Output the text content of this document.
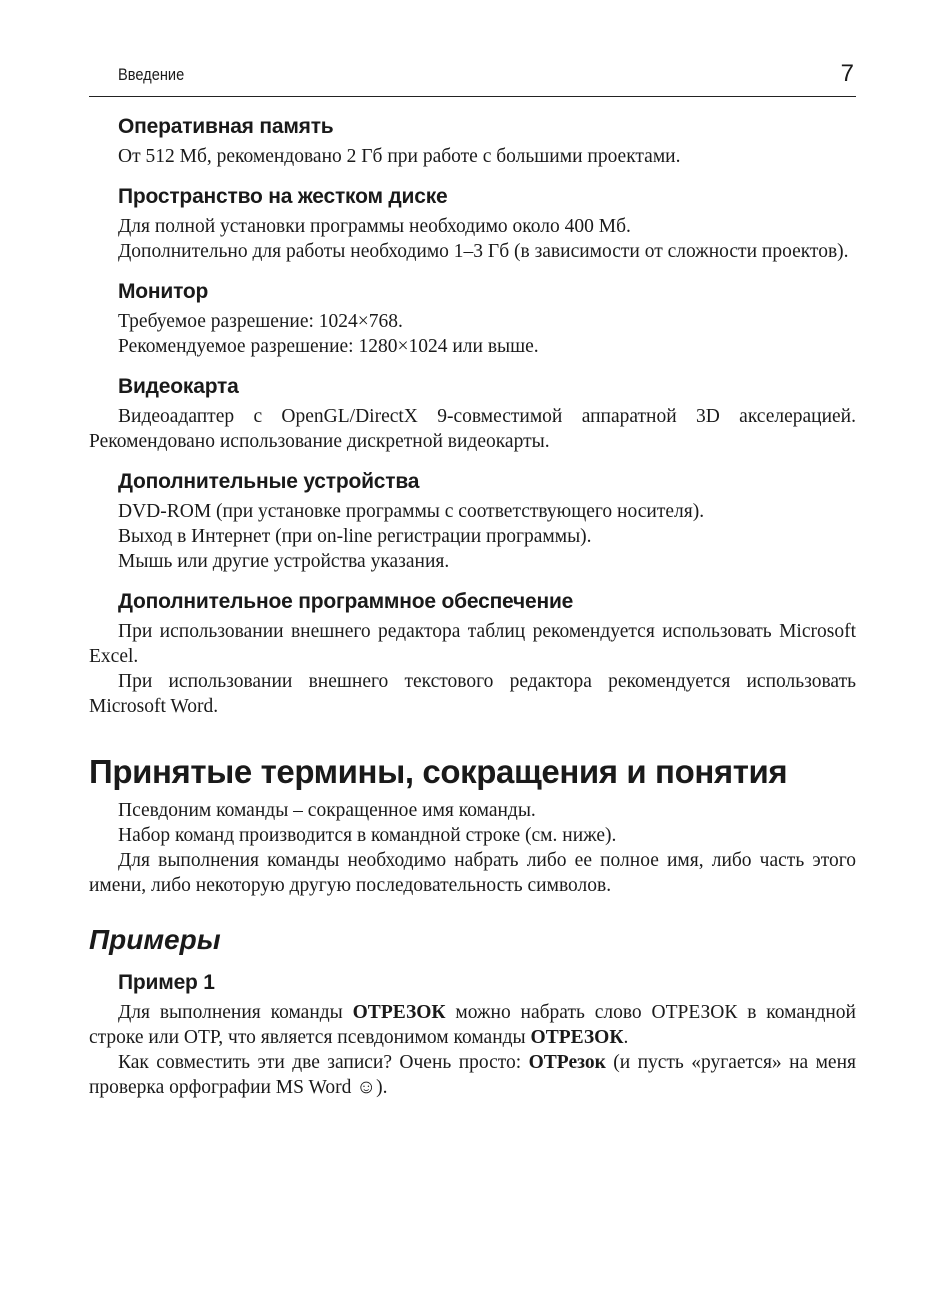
Введение	7
Оперативная память

От 512 Мб, рекомендовано 2 Гб при работе с большими проектами.

Пространство на жестком диске

Для полной установки программы необходимо около 400 Мб.

Дополнительно для работы необходимо 1–3 Гб (в зависимости от сложности проектов).

Монитор

Требуемое разрешение: 1024×768.

Рекомендуемое разрешение: 1280×1024 или выше.

Видеокарта

Видеоадаптер с OpenGL/DirectX 9-совместимой аппаратной 3D акселерацией. Рекомендовано использование дискретной видеокарты.

Дополнительные устройства

DVD-ROM (при установке программы с соответствующего носителя).

Выход в Интернет (при on-line регистрации программы).

Мышь или другие устройства указания.

Дополнительное программное обеспечение

При использовании внешнего редактора таблиц рекомендуется использовать Microsoft Excel.

При использовании внешнего текстового редактора рекомендуется использовать Microsoft Word.

Принятые термины, сокращения и понятия

Псевдоним команды – сокращенное имя команды.

Набор команд производится в командной строке (см. ниже).

Для выполнения команды необходимо набрать либо ее полное имя, либо часть этого имени, либо некоторую другую последовательность символов.

Примеры
Пример 1

Для выполнения команды ОТРЕЗОК можно набрать слово ОТРЕЗОК в командной строке или ОТР, что является псевдонимом команды ОТРЕЗОК.

Как совместить эти две записи? Очень просто: ОТРезок (и пусть «ругается» на меня проверка орфографии MS Word ☺).
